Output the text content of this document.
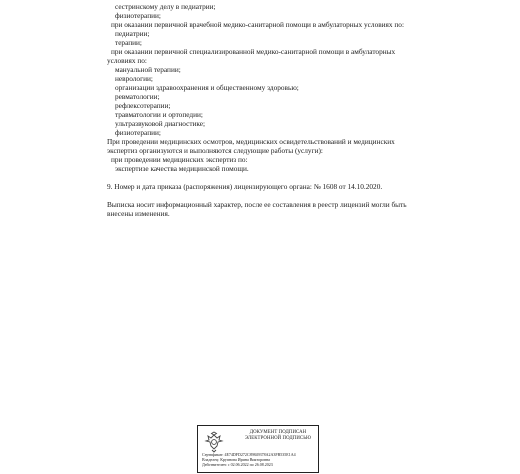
сестринскому делу в педиатрии;
физиотерапии;
при оказании первичной врачебной медико-санитарной помощи в амбулаторных условиях по:
педиатрии;
терапии;
при оказании первичной специализированной медико-санитарной помощи в амбулаторных
условиях по:
мануальной терапии;
неврологии;
организации здравоохранения и общественному здоровью;
ревматологии;
рефлексотерапии;
травматологии и ортопедии;
ультразвуковой диагностике;
физиотерапии;
При проведении медицинских осмотров, медицинских освидетельствований и медицинских
экспертиз организуются и выполняются следующие работы (услуги):
при проведении медицинских экспертиз по:
экспертизе качества медицинской помощи.
9. Номер и дата приказа (распоряжения) лицензирующего органа: № 1608 от 14.10.2020.
Выписка носит информационный характер, после ее составления в реестр лицензий могли быть
внесены изменения.
ДОКУМЕНТ ПОДПИСАН
ЭЛЕКТРОННОЙ ПОДПИСЬЮ
Сертификат: 4E74DFD272C89849378A2A3FB535E1A4
Владелец: Крупнова Ирина Викторовна
Действителен: с 02.06.2022 по 26.08.2023
